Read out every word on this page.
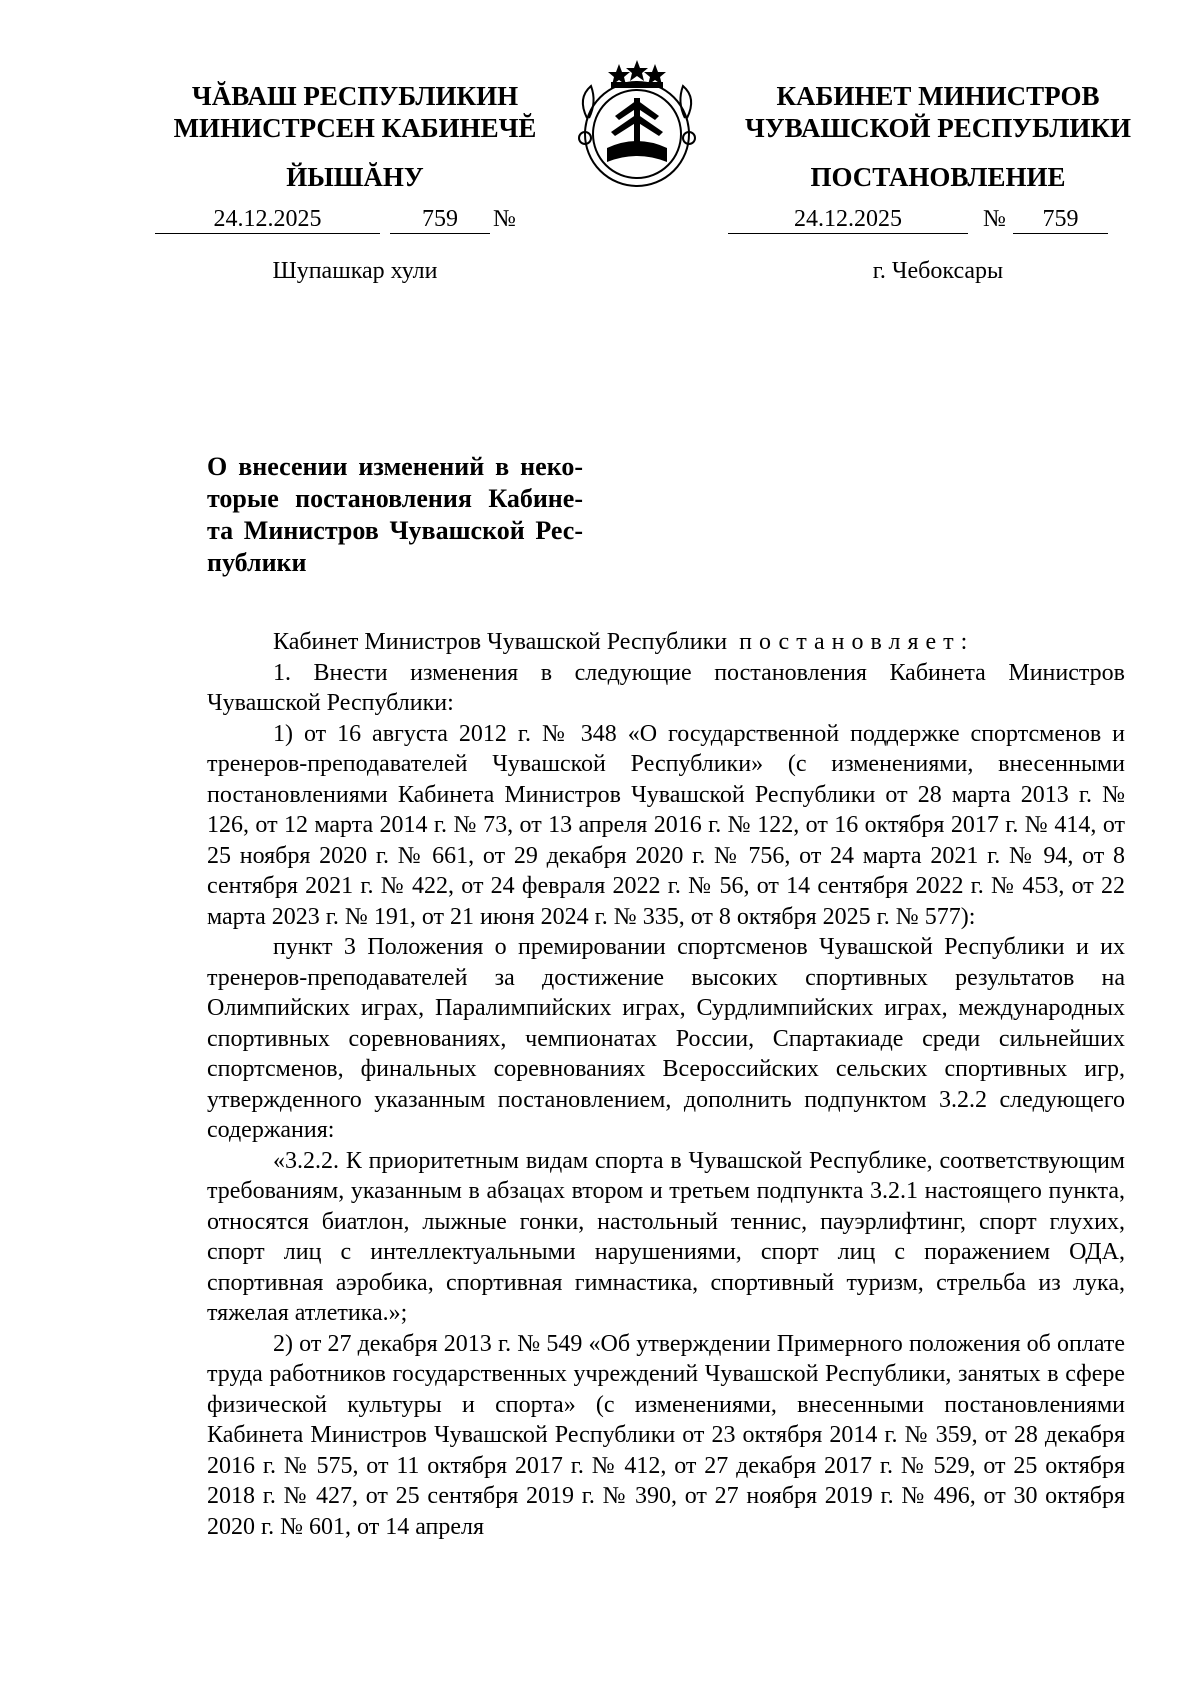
ЧĂВАШ РЕСПУБЛИКИН
МИНИСТРСЕН КАБИНЕЧĔ
ЙЫШĂНУ
24.12.2025	759	№
Шупашкар хули
КАБИНЕТ МИНИСТРОВ
ЧУВАШСКОЙ РЕСПУБЛИКИ
ПОСТАНОВЛЕНИЕ
24.12.2025	№	759
г. Чебоксары
О внесении изменений в неко-
торые постановления Кабине-
та Министров Чувашской Рес-
публики

Кабинет Министров Чувашской Республики постановляет:

1. Внести изменения в следующие постановления Кабинета Министров Чувашской Республики:

1) от 16 августа 2012 г. № 348 «О государственной поддержке спортсменов и тренеров-преподавателей Чувашской Республики» (с изменениями, внесенными постановлениями Кабинета Министров Чувашской Республики от 28 марта 2013 г. № 126, от 12 марта 2014 г. № 73, от 13 апреля 2016 г. № 122, от 16 октября 2017 г. № 414, от 25 ноября 2020 г. № 661, от 29 декабря 2020 г. № 756, от 24 марта 2021 г. № 94, от 8 сентября 2021 г. № 422, от 24 февраля 2022 г. № 56, от 14 сентября 2022 г. № 453, от 22 марта 2023 г. № 191, от 21 июня 2024 г. № 335, от 8 октября 2025 г. № 577):

пункт 3 Положения о премировании спортсменов Чувашской Республики и их тренеров-преподавателей за достижение высоких спортивных результатов на Олимпийских играх, Паралимпийских играх, Сурдлимпийских играх, международных спортивных соревнованиях, чемпионатах России, Спартакиаде среди сильнейших спортсменов, финальных соревнованиях Всероссийских сельских спортивных игр, утвержденного указанным постановлением, дополнить подпунктом 3.2.2 следующего содержания:

«3.2.2. К приоритетным видам спорта в Чувашской Республике, соответствующим требованиям, указанным в абзацах втором и третьем подпункта 3.2.1 настоящего пункта, относятся биатлон, лыжные гонки, настольный теннис, пауэрлифтинг, спорт глухих, спорт лиц с интеллектуальными нарушениями, спорт лиц с поражением ОДА, спортивная аэробика, спортивная гимнастика, спортивный туризм, стрельба из лука, тяжелая атлетика.»;

2) от 27 декабря 2013 г. № 549 «Об утверждении Примерного положения об оплате труда работников государственных учреждений Чувашской Республики, занятых в сфере физической культуры и спорта» (с изменениями, внесенными постановлениями Кабинета Министров Чувашской Республики от 23 октября 2014 г. № 359, от 28 декабря 2016 г. № 575, от 11 октября 2017 г. № 412, от 27 декабря 2017 г. № 529, от 25 октября 2018 г. № 427, от 25 сентября 2019 г. № 390, от 27 ноября 2019 г. № 496, от 30 октября 2020 г. № 601, от 14 апреля
